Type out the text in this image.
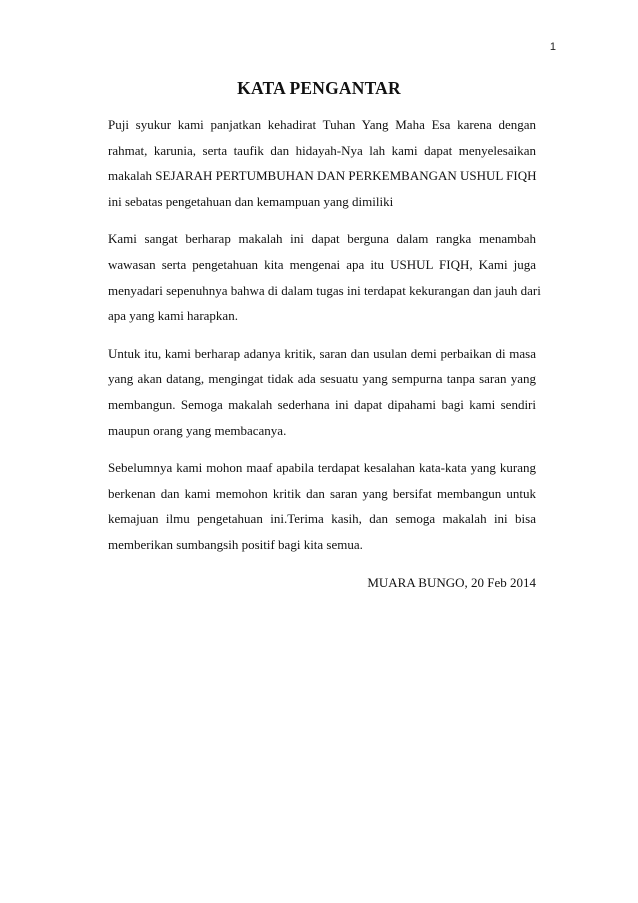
1
KATA PENGANTAR
Puji syukur kami panjatkan kehadirat Tuhan Yang Maha Esa karena dengan
rahmat, karunia, serta taufik dan hidayah-Nya lah kami dapat menyelesaikan
makalah SEJARAH PERTUMBUHAN DAN PERKEMBANGAN USHUL FIQH
ini sebatas pengetahuan dan kemampuan yang dimiliki
Kami sangat berharap makalah ini dapat berguna dalam rangka menambah
wawasan serta pengetahuan kita mengenai apa itu USHUL FIQH, Kami juga
menyadari sepenuhnya bahwa di dalam tugas ini terdapat kekurangan dan jauh dari
apa yang kami harapkan.
Untuk itu, kami berharap adanya kritik, saran dan usulan demi perbaikan di masa
yang akan datang, mengingat tidak ada sesuatu yang sempurna tanpa saran yang
membangun. Semoga makalah sederhana ini dapat dipahami bagi kami sendiri
maupun orang yang membacanya.
Sebelumnya kami mohon maaf apabila terdapat kesalahan kata-kata yang kurang
berkenan dan kami memohon kritik dan saran yang bersifat membangun untuk
kemajuan ilmu pengetahuan ini.Terima kasih, dan semoga makalah ini bisa
memberikan sumbangsih positif bagi kita semua.
MUARA BUNGO, 20 Feb 2014
